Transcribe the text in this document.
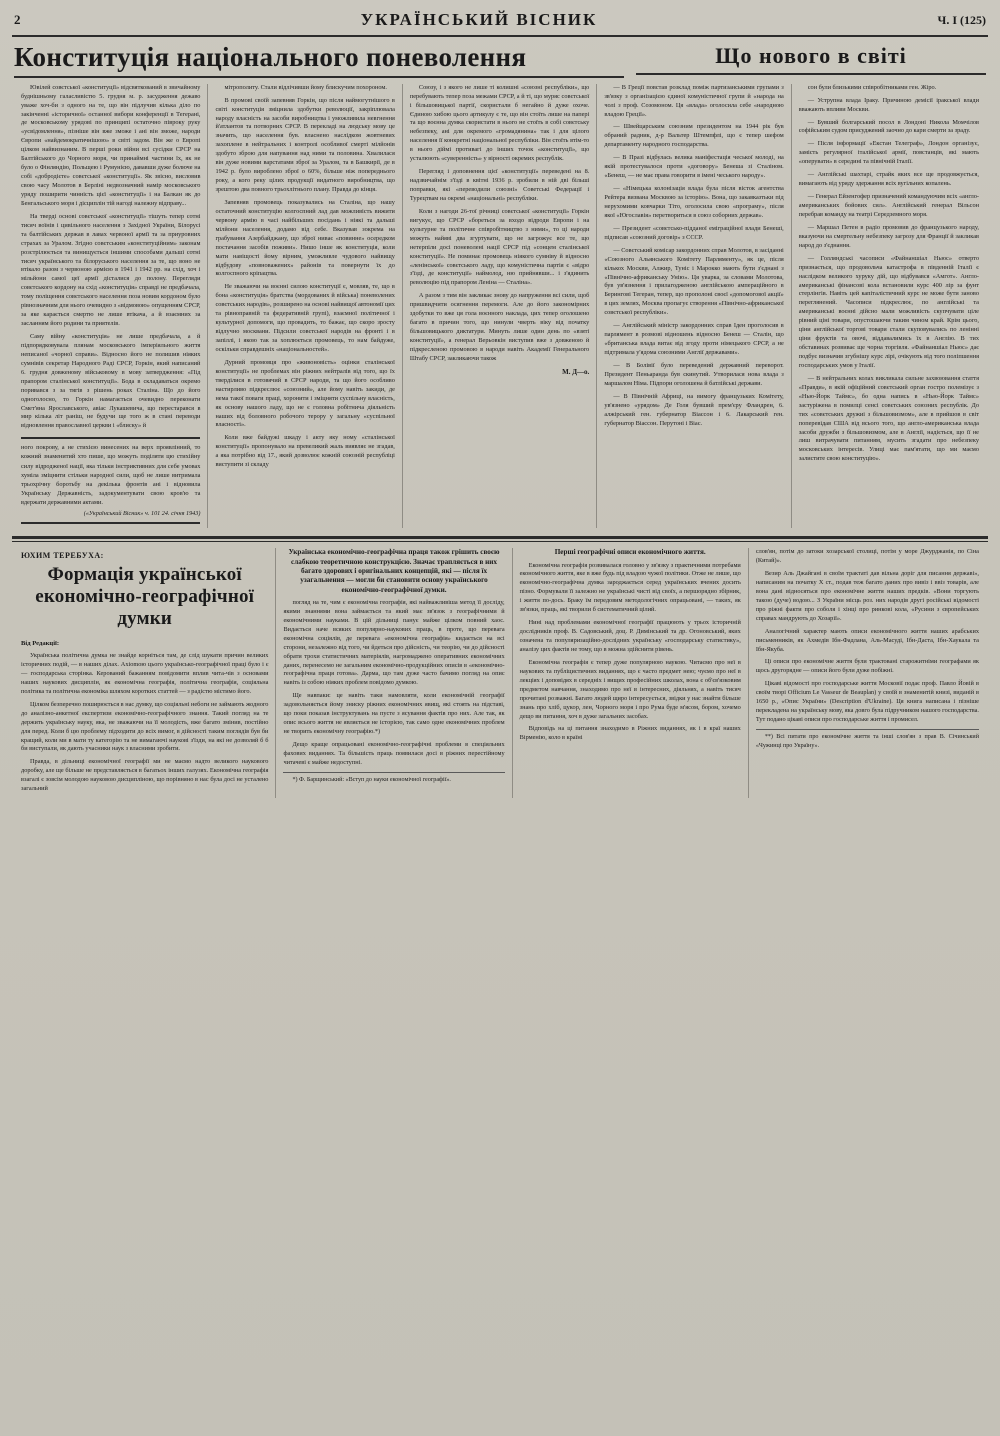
2	УКРАЇНСЬКИЙ ВІСНИК	Ч. І (125)
Конституція національного поневолення	Що нового в світі

Ювілей совєтської «конституції» відсвяткований в звичайному буднішньому галасливістю 5. грудня м. р. засудження дежаво уваже хоч-би з одного на те, що він підлучив кілька діло по закінченні «історичної» останної вибори конференції в Тегерані, де московському урядові по принципі остаточно півроку руку «усвідомлення», пізніше він вже зможе і ані він зможе, народи Європи «найдемократичнішою» в світі задом. Він же о Европі цілком найвизнаним. В перші роки війни всі сусідки СРСР на Балтійського до Чорного моря, чи принаймні частини їх, як не було о Фінляндію, Польщею і Румунією, дававши дуже болюче на собі «добродієте» совєтської «конституції». Як звісно, висловив свою часу Молотов в Берліні недвозначний намір московського уряду поширити чинність цієї «конституції» і на Балкан як до Бенгальського моря і дісциплін тій нагоді належну відправу...

На тверді основі совєтської «конституції» тішуть тепер сотні тисяч воїнів і цивільного населення з Західної України, Білорусі та балтійських держав в лавах червоної армії та за приуровних страхах за Уралом. Згідно совєтським «конституційним» законам розстрілюється та винищується іншими способами дальші сотні тисяч українського та білоруського населення за те, що воно не втікало разом з червоною армією в 1941 і 1942 рр. на схід, хоч і мільйони самої цеї армії дісталися до полону. Перегляди совєтського кордону на схід «конституція» справді не предбачала, тому поліщення совєтського населення поза новим кордоном було рівнозначним для нього очевидно з «відмовою» опущенням СРСР, за яке карається смертю не лише втікача, а й взаємних за засланням його родини та приятелів.

Саму війну «конституція» не лише предбачала, а й підпорядковувала плянам московського імперіяльного життя неписаної «чорної справи». Відносно його не полишив ніяких сумнівів секретар Народного Раді СРСР, Горкін, який написаний 6. грудня довженому військовому в мову затвердження: «Під прапором сталінської конституції». Бода в складаваться окремо поривався з за тягів з рішень роках Сталіна. Що до його одноголосно, то Горкін намагається очевидно переконати Смет'яна Ярославського, авіас Лукашевича, що перестарався в мир кілька літ раніш, не будучи ще того ж в стані переводи відновлення православної церкви і «блиску» й

ного покрову, а не стихією винесених на верх проявлінний, то кожний знаменитий хто пише, що можуть поділяти цю стихійну силу відродженої нації, яка тільки інстриктивних для себе умовах хуміла зміцнити стільки народної сили, щоб не лише витримала трьохрічну боротьбу на декілька фронтів ані і відновила Українську Державність, задокументувати свою кров'ю та вдержати державними актами.
(«Український Вісник» ч. 101 24. січня 1943)

мітрополиту. Стали відлічивши йому блискучим похороном.

В промові своїй запевняв Горкін, що після наймогутнішого в світі конституція зміцнила здобутки революції, закріплювала народу власність на засоби виробництва і уможливила невгнення й'атлантов та потворних СРСР. В перекладі на людську мову це значить, що населення був. власнено наслідком жовтневих захоплене в нейтральних і контролі особливої смерті мілйонів здобуто зброю для напування над ними та половина. Хвалилася він дуже новими варстатами зброї за Уралом, та в Башкирії, де в 1942 р. було вироблено зброї о 60%, більше ніж попереднього року, а кого реку цілих продукції видатного виробництва, що зрештою два повного трьохлітнього плану. Правда до кінця.

Запевняв промовець показувались на Сталіна, що нашу остаточний конституцію колгоспний лад дав можливість вижити червону армію в часі найбільших посідань і ніякі та дальші мілйони населення, додамо від себе. Вказував зокрема на грабування Азербайджану, що зброї ниває «повинне» осередком постачання засобів поживи». Нишо інше як конституція, коли мати навіщості йому вірним, уможливле чудового найвищу відбудову «повноважених» районів та повернути їх до колгоспного кріпацтва.

Не зважаючи на воєнні силою конституції є, мовляв, те, що в бона «конституція» братства (мордованих й війська) поневолених совєтських народів», розширено на основі найвищої автономії цих та рівноправній та федеративній групі), взаємної політичної і культурної допомоги, що провадить, то бажає, що скоро зросту відлучно москвани. Підсили совєтської народів на фронті і в запіллі, і якою так за хоплюється промовець, то нам байдуже, оскільки справдешніх «національностей».

Дурний промовця про «живоновість» оцінки сталінської конституції» не проблемах він ріжних нейтралів від того, що їх тверділися в готовячий в СРСР народи, та що його особливо настирливо підкреслює «союзний», але йому навіть закиди, де нема такої поваги праці, хоронити і зміцняти суспільну власність, як основу нашого ладу, що не є головна робітнича діяльність наших від боловного робочого терору у загальну «суспільної власності».

Коли вже байдужі шкаду і акту яку ному «сталінської конституції» пропонувало на превеликий жаль виявляє не згадав, а яка потрібно від 17., який дозволює кожній союзній республіці виступити зі складу

Союзу, і з якого не лише ті колишні «союзні республіки», що перебувають тепер поза межами СРСР, а й ті, що муряс совєтської і більшовицької партії, скористали б негайно й дуже охоче. Єдиною хибою цього артикулу є те, що він стоїть лише на папері та що воєнна думка скористати в нього не стоїть в собі совєтську небезпеку, ані для окремого «громадянина» так і для цілого населення її конкретні національної республіки. Він стоїть втім-то в нього діймі противагі до інших точок «конституції», що усталюють «суверенність» у вірності окремих республік.

Перегляд і доповнення цієї «конституції» переведені на 8. надзвичайнім з'їзді в квітні 1936 р. зробили в ній дві більші поправки, які «переводили союзні» Советські Федерації і Турецтвам на окремі «національні» республіки.

Коли з нагоди 26-тої річниці совєтської «конституції» Горкін вигукує, що СРСР «бореться за входо відроди Европи і на культурне та політичне співробітництво з ними», то ці народи можуть найяві два згуртувати, що не загрожує все те, що нетерпіли досі поневолені нації СРСР під «сонцем сталінської конституції». Не поминає промовець ніякого сумніву й відносно «ленінської» совєтського ладу, що комуністична партія є «відро з'їзді, де конституції» наймолод, ню прийнявши... і з'ядинить революцію під прапором Леніна — Сталіна».

А разом з тим він закликає знову до напруження всі сили, щоб пришвидчити осягнення перемоги. Але до його закономірних здобутки то вже ця гола воєнного наклада, цих тепер оголошено багато в причин того, що нинули чверть віку від початку більшовицького диктатури. Минуть лише один день по «взяті конституції», а генерал Верьовкін виступив вже з довженою й підкресленою промовою в народи навіть Академії Генерального Штабу СРСР, закликаючи також

М. Д—о.

— В Греції повстав розклад поміж партизанськими групами з зв'язку з організацією єдиної комуністичної групи й «народа на чолі з проф. Созомоном. Ця «влада» оголосила себе «народною владою Греції».

— Швейцарським союзним президентом на 1944 рік був обраний радник, д-р Вальтер Штемпфлі, що є тепер шефом департаменту народного господарства.

— В Празі відбулась велика маніфестація чеської молоді, на якій протестувалося проти «договору» Бенеша зі Сталіном. «Бенеш, — не має права говорити в імені чеського народу».

— «Німецька колонізація влада була після вісток агентства Рейтера визвана Москвою за історію». Вона, що закавказтьки під нерухомими ковчарки Тіто, оголосила свою «програму», після якої «Югославія» перетвориться в союз соборних держав».

— Президент «совєтсько-підданої еміграційної влади Бенеші, підписав «союзний договір» з СССР.

— Совєтський комісар закордонних справ Молотов, в засіданні «Союзного Альянського Комітету Парляменту», як це, після кількох Москви, Алжир, Туніс і Марокко мають бути з'єднані з «Північно-африканську Унію». Ця уварка, за словами Молотова, був ув'язнення і прилагодженою англійською ампераційного в Берингові Тегеран, тепер, що прополоні своєї «допомогової акції» в цих землях, Москва пропагує створення «Північно-африканської совєтської республіки».

— Англійський міністр закордонних справ Іден проголосив в парлямент в розмові відношень відносно Бенеш — Сталін, що «британська влада витає від згоду проти німецького СРСР, а не підтримала у'ядома союзними Англії державами».

— В Болівії було переведений державний переворот. Президент Пеньаранда був скинутий. Утворилася нова влада з маршалом Німа. Підпори оголошена й батлійські держави.

— В Північній Африці, на вимогу французьких Комітету, ув'язнено «урядом» Де Голя бувший прем'єру Фландрен, 6. алжірський ген. губернатор Віассон і 6. Лакарський ген. губернатор Віассон. Перутоні і Віас.

сон були близькими співробітниками ген. Жіро.

— Уструпна влада Іраку. Причиною демісії іракської влади вважають впливи Москви.

— Бувший болгарський посол в Лондоні Никола Момчілов софійським судом присуджений заочно до кари смерти за зраду.

— Після інформації «Екстан Телеграф», Лондон організує, замість регулярної італійської армії, повстанців, які мають «оперувати» в середині та північній Італії.

— Англійські шахтарі, страйк яких все ще продовжується, вимагають від уряду здержання всіх вугільних копалень.

— Генерал Ейзенгофер призначений командуючим всіх «англо-американських бойових сил». Англійський генерал Вільсон перебрав команду на театрі Середземного моря.

— Маршал Петен в радіо промовив до французького народу, вказуючи на смертельну небезпеку загрозу для Франції й закликав народ до з'єднання.

— Голляндські часописи «Файнаншіал Ньюс» отверто признається, що продовольча катастрофа в південній Італії є наслідком великого хуруку дій, що відбувався «Амгот». Англо-американські фінансові кола встановили курс 400 лір за фунт стерлінгів. Навіть цей капіталістичний курс не може бути заново переглянений. Часописи підкреслює, по англійські та американські воєнні дійсно мали можливість скупчувати ціле рівний ціні товари, опустошаючи таким чином край. Крім цього, ціни англійської торгові товари стали скуповувались по ленінні ціни фруктів та овочі, віддавалимись їх в Англію. В тих обставинах розвиває ще чорна торгівля. «Файнаншіал Ньюс» дає подбує визначив згубнішу курс лірі, очікують від того поліпшення господарських умов у Італії.

— В нейтральних колах викликала сильне захвоювання стаття «Правди», в якій офіційний совєтський орган гостро полемізує з «Нью-Йорк Таймс», бо одна напись в «Нью-Йорк Таймс» застуріжена в помилці сенсі совєтських союзних республік. До тих «совєтських дружиі з більшовизмом», але в прийшов в світ поперевідав США від всього того, що англо-американська влада засоби дружби з більшовизмом, але в Англії, надіється, що її не лиш витрачувати питанням, мусить згадати про небезпеку московських інтересів. Улиці має пам'ятати, що ми маємо залистите свою конституцію».

ЮХИМ ТЕРЕБУХА:
Формація української економічно-географічної думки

Від Редакції:

Українська політична думка не знайде корніться там, де слід шукати причин великих історичних подій, — в наших ділах. Axiomою цього українсько-географічної праці було і є — господарська сторінка. Керований бажанням повідомити вплив чита-чів з основами наших наукових дисциплін, як економічна географія, політична географія, соціяльна політика та політична економіка шляхом коротких статтей — з радістю містимо його.

Цілком безперечно поширюється в нас думку, що соціяльні небоги не займають жодного до аналізно-анкетної експертизи економічно-географічного знання. Такий погляд на те держить українську науку, яка, не зважаючи на її молодість, вже багато змінив, постійно для перед. Коли б цю проблему підходити до всіх вимог, в дійсності таким поглядів був би кращий, коли ми в мати ту категорію та не вимагаючі наукові з'їзди, на які не дозволяй б б би виступали, як дають учасники наук з власними зробити.

Правда, в дільниці економічної географії ми не маємо надто великого наукового доробку, але ще більше не представляється в багатьох інших галузях. Економічна географія взагалі є зовсім молодою науковою дисципліною, що порівняно в нас була досі не усталено загальний

Українська економічно-географічна праця також грішить своєю слабкою теоретичною конструкцією. Значає трапляється в них багато здорових і оригінальних концепцій, які — після їх узагальнення — могли би становити основу українського економічно-географічної думки.

погляд на те, чим є економічна географія, які найважливіша метод її досліду, якими знаннями вона займається та який має зв'язок з географічними й економічними науками. В цій дільниці панує майже цілком повний хаос. Видається наче всяких популярно-наукових праць, в проте, що перевага економічна соціялів, де перевага «економічна географія» кидається на всі сторони, незалежно від того, чи йдеться про дійсність, чи теорію, чи до дійсності обрати трохи статистичних матеріялів, нагромаджено оперативних економічних даних, перенесемо не загальним економічно-продукційних описів в «економічно-географічна праця готова». Дарма, що там дуже часто бачимо погляд на опис навіть із собою ніяких проблем повідомо думкою.

Ще навпаки: це навіть таки намовляти, коли економічній географії задовольняється йому зниску ріжних економічних явищ, які стоять на підставі, що поки показав інструктувань на пусте з ясування фактів про них. Але так, як опис всього життя не являється не історією, так само одне економічних проблем не творить економічну географію.*)

Дещо краще опрацьовані економічно-географічні проблеми в спеціяльних фахових виданнях. Та більшість праць появилася досі в ріжних перестійному читачеві є майже недоступні.

*) Ф. Барщинський: «Вступ до науки економічної географії».

Перші географічні описи економічного життя.

Економічна географія розвивалася головно у зв'язку з практичними потребами економічного життя, яке в вже будь під владою чужої політики. Отже не лише, що економічно-географічна думка зароджається серед українських вчених досить пізно. Формували її залежно не українські чисті від своїх, а першорядно збірник, і життя по-дось. Браку їм передовим методологічних опрацьовані, — таких, як зв'язки, праць, які творили б систематичний цілий.

Нині над проблемами економічної географії працюють у трьох історичній дослідників проф. В. Садовський, доц. Р. Димінський та др. Огоновський, яких означена та популяризаційно-дослідних українську «господарську статистику», аналізу цих фактів не тому, що в можна здійснити рівень.

Економічна географія є тепер дуже популярною наукою. Читаємо про неї в наукових та публіцистичних виданнях, що є часто предмет нею; чуємо про неї в лекціях і доповідях в середніх і вищих професійних школах, вона є об'єв'язковим предметом навчання, знаходимо про неї в інтересних, діяльнях, а навіть тисяч прочитані розважні. Багато людей щиро інтересується, звідки у нас знайти більше знань про хліб, цукор, лен, Чорного моря і про Рума буде м'ясом, бором, хочемо дещо ви питання, хоч в дуже загальних засобах.

Відповідь на ці питання знаходимо в Ріжних виданнях, як і в краї наших Вірменію, коло в країні

слов'ян, потім до затоки хозарської столиці, потім у море Джурджанія, по Сіна (Китай)».

Везир Аль Джайгані в своїм трактаті дав вільна доріг для писання державі», написаним на початку Х ст., подав теж багато даних про вивіз і ввіз товарів, але вона дані відносяться про економічне життя наших предків. «Вони торгують такою (дуче) водою... З України місць роз. них народів другі російські відомості про ріжні факти про соболя і хінці про ринкові кола, «Русини з європейських справах мандрують до Хозарії».

Аналогічний характер мають описи економічного життя наших арабських письменників, як Ахмедів Ібн-Фадлана, Аль-Масуді, Ібн-Даста, Ібн-Хаукала та Ібн-Якуба.

Ці описи про економічне життя були трактовані старожитніми географами як щось другорядне — описи його були дуже побіжні.

Цікаві відомості про господарське життя Московії подає проф. Павло Йовій в своїм творі Officium Le Vasseur de Beauplan) у своїй в знаменитій книзі, виданій в 1650 р., «Опис України» (Description d'Ukraine). Ця книга написана і пізніше перекладена на українську мову, яка довго була підручником нашого господарства. Тут подано цікаві описи про господарське життя і промисел.

**) Всі питати про економічне життя та інші слов'ян з прав В. Січинський «Чужинці про Україну».
